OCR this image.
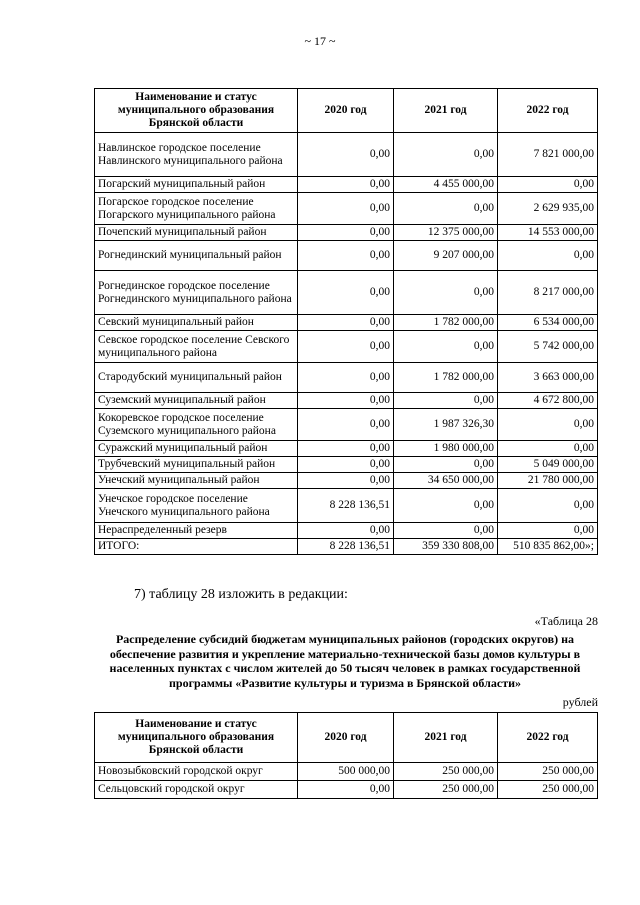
~ 17 ~
Наименование и статус муниципального образования Брянской области	2020 год	2021 год	2022 год
Навлинское городское поселение Навлинского муниципального района	0,00	0,00	7 821 000,00
Погарский муниципальный район	0,00	4 455 000,00	0,00
Погарское городское поселение Погарского муниципального района	0,00	0,00	2 629 935,00
Почепский муниципальный район	0,00	12 375 000,00	14 553 000,00
Рогнединский муниципальный район	0,00	9 207 000,00	0,00
Рогнединское городское поселение Рогнединского муниципального района	0,00	0,00	8 217 000,00
Севский муниципальный район	0,00	1 782 000,00	6 534 000,00
Севское городское поселение Севского муниципального района	0,00	0,00	5 742 000,00
Стародубский муниципальный район	0,00	1 782 000,00	3 663 000,00
Суземский муниципальный район	0,00	0,00	4 672 800,00
Кокоревское городское поселение Суземского муниципального района	0,00	1 987 326,30	0,00
Суражский муниципальный район	0,00	1 980 000,00	0,00
Трубчевский муниципальный район	0,00	0,00	5 049 000,00
Унечский муниципальный район	0,00	34 650 000,00	21 780 000,00
Унечское городское поселение Унечского муниципального района	8 228 136,51	0,00	0,00
Нераспределенный резерв	0,00	0,00	0,00
ИТОГО:	8 228 136,51	359 330 808,00	510 835 862,00»;
7) таблицу 28 изложить в редакции:
«Таблица 28
Распределение субсидий бюджетам муниципальных районов (городских округов) на обеспечение развития и укрепление материально-технической базы домов культуры в населенных пунктах с числом жителей до 50 тысяч человек в рамках государственной программы «Развитие культуры и туризма в Брянской области»
рублей
Наименование и статус муниципального образования Брянской области	2020 год	2021 год	2022 год
Новозыбковский городской округ	500 000,00	250 000,00	250 000,00
Сельцовский городской округ	0,00	250 000,00	250 000,00
